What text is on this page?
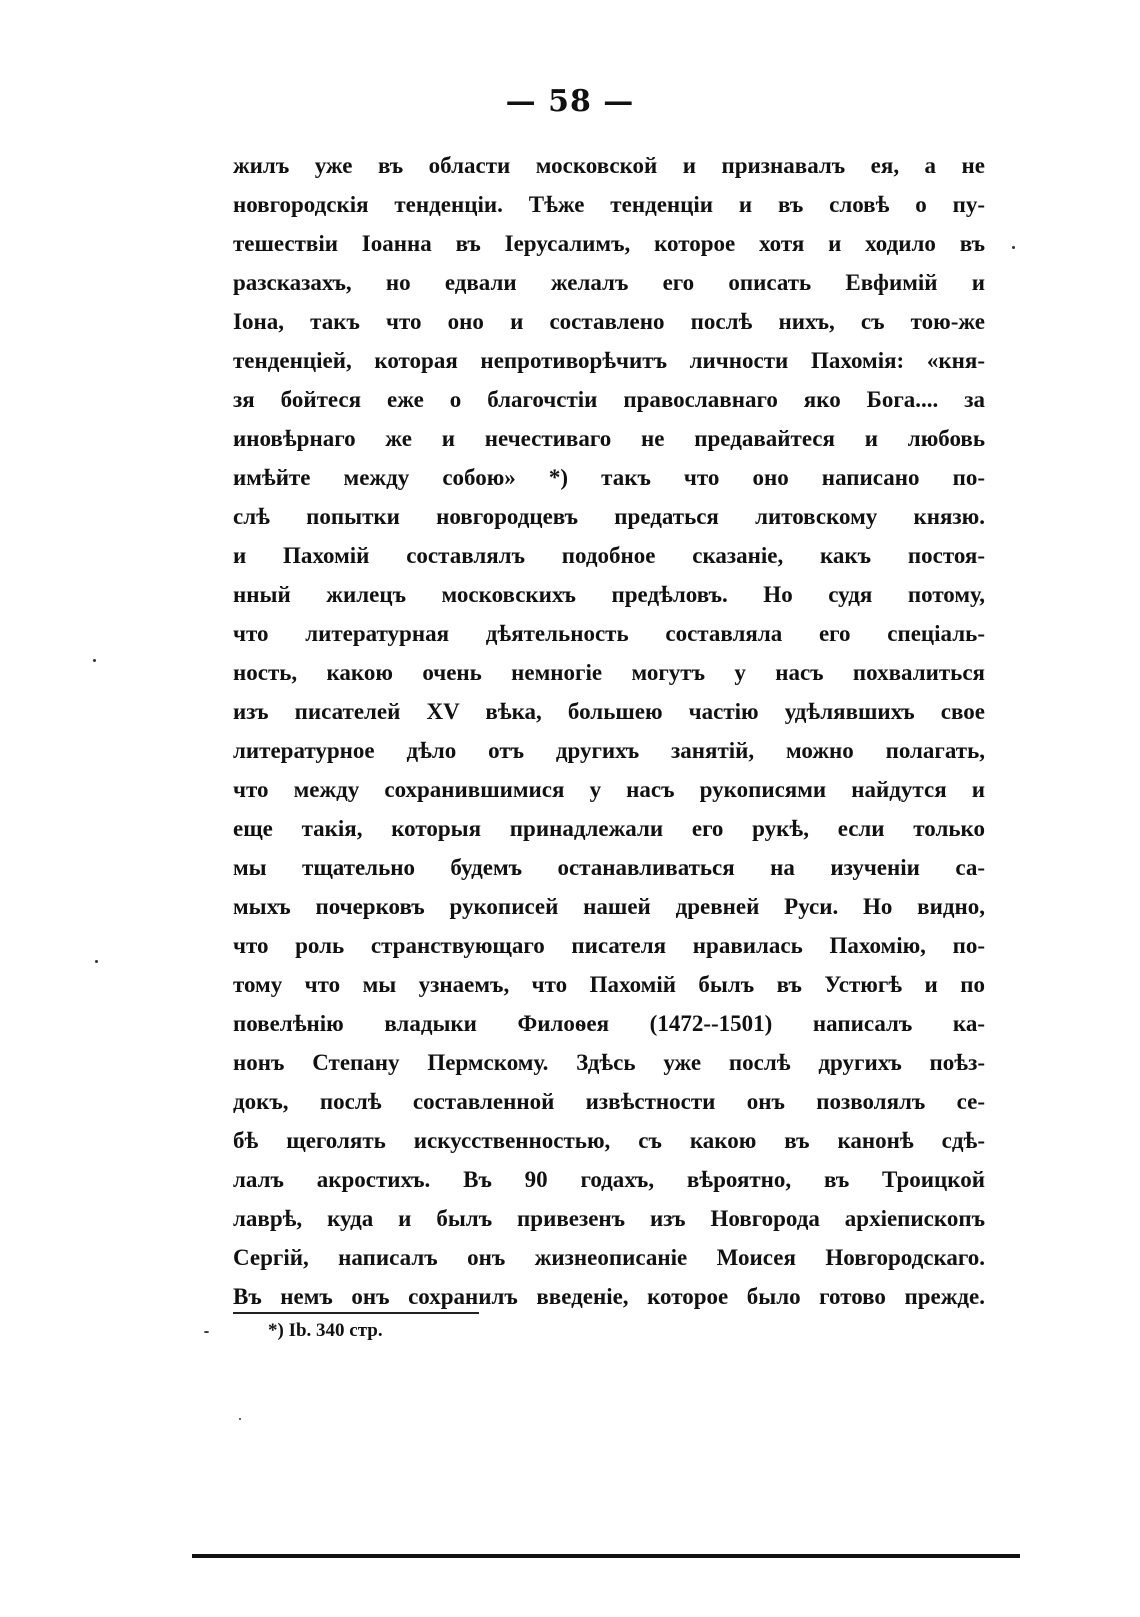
— 58 —
жилъ уже въ области московской и признавалъ ея, а не
новгородскія тенденціи. Тѣже тенденціи и въ словѣ о пу-
тешествіи Іоанна въ Іерусалимъ, которое хотя и ходило въ
разсказахъ, но едвали желалъ его описать Евфимій и
Іона, такъ что оно и составлено послѣ нихъ, съ тою-же
тенденціей, которая непротиворѣчитъ личности Пахомія: «кня-
зя бойтеся еже о благочстіи православнаго яко Бога.... за
иновѣрнаго же и нечестиваго не предавайтеся и любовь
имѣйте между собою» *) такъ что оно написано по-
слѣ попытки новгородцевъ предаться литовскому князю.
и Пахомій составлялъ подобное сказаніе, какъ постоя-
нный жилецъ московскихъ предѣловъ. Но судя потому,
что литературная дѣятельность составляла его спеціаль-
ность, какою очень немногіе могутъ у насъ похвалиться
изъ писателей XV вѣка, большею частію удѣлявшихъ свое
литературное дѣло отъ другихъ занятій, можно полагать,
что между сохранившимися у насъ рукописями найдутся и
еще такія, которыя принадлежали его рукѣ, если только
мы тщательно будемъ останавливаться на изученіи са-
мыхъ почерковъ рукописей нашей древней Руси. Но видно,
что роль странствующаго писателя нравилась Пахомію, по-
тому что мы узнаемъ, что Пахомій былъ въ Устюгѣ и по
повелѣнію владыки Филоѳея (1472--1501) написалъ ка-
нонъ Степану Пермскому. Здѣсь уже послѣ другихъ поѣз-
докъ, послѣ составленной извѣстности онъ позволялъ се-
бѣ щеголять искусственностью, съ какою въ канонѣ сдѣ-
лалъ акростихъ. Въ 90 годахъ, вѣроятно, въ Троицкой
лаврѣ, куда и былъ привезенъ изъ Новгорода архіепископъ
Сергій, написалъ онъ жизнеописаніе Моисея Новгородскаго.
Въ немъ онъ сохранилъ введеніе, которое было готово прежде.
*) Ib. 340 стр.
